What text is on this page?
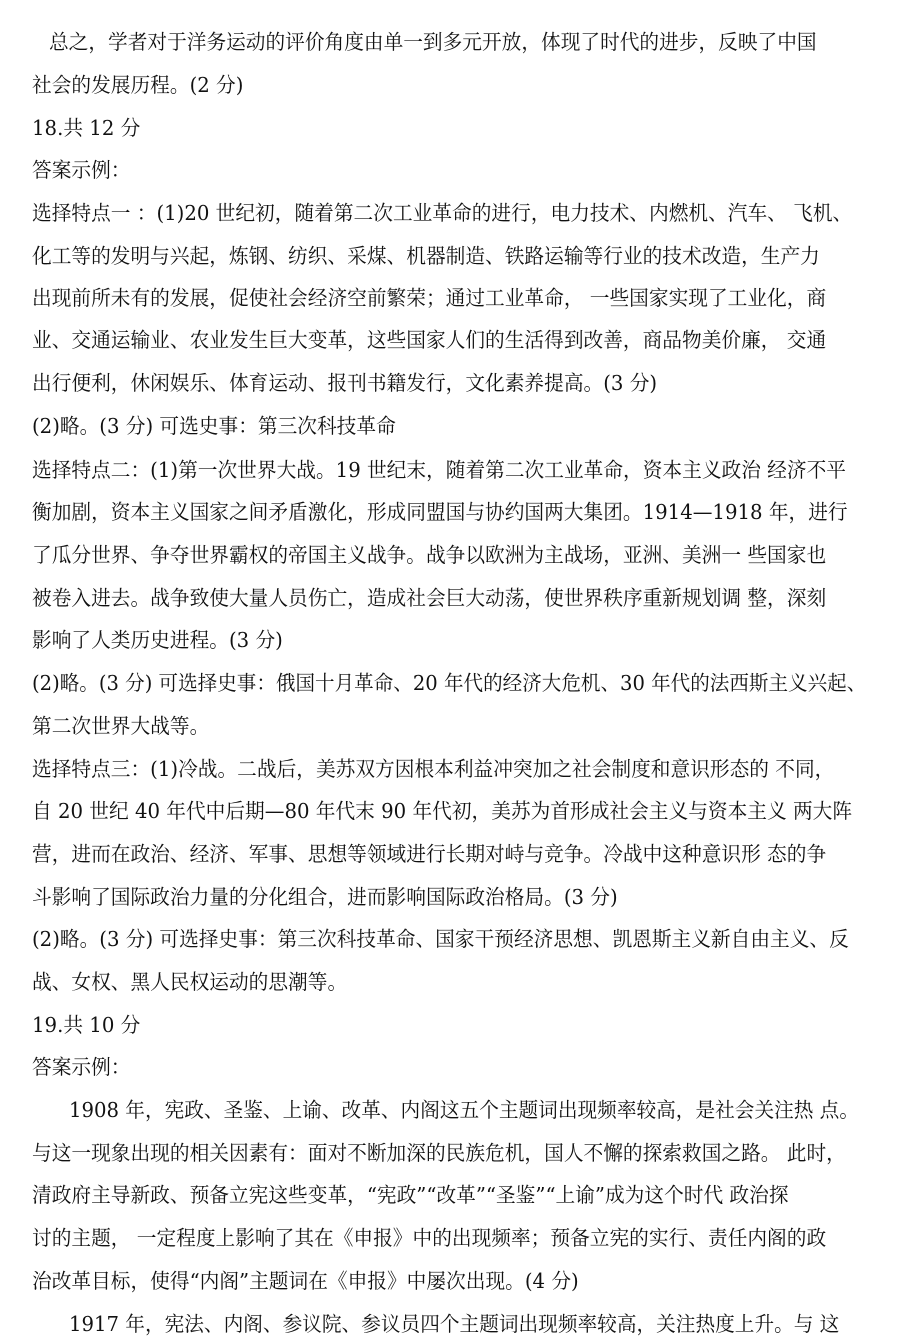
总之，学者对于洋务运动的评价角度由单一到多元开放，体现了时代的进步，反映了中国
社会的发展历程。(2 分)
18.共 12 分
答案示例：
选择特点一 ：(1)20 世纪初，随着第二次工业革命的进行，电力技术、内燃机、汽车、 飞机、
化工等的发明与兴起，炼钢、纺织、采煤、机器制造、铁路运输等行业的技术改造，生产力
出现前所未有的发展，促使社会经济空前繁荣；通过工业革命， 一些国家实现了工业化，商
业、交通运输业、农业发生巨大变革，这些国家人们的生活得到改善，商品物美价廉， 交通
出行便利，休闲娱乐、体育运动、报刊书籍发行，文化素养提高。(3 分)
(2)略。(3 分) 可选史事：第三次科技革命
选择特点二：(1)第一次世界大战。19 世纪末，随着第二次工业革命，资本主义政治 经济不平
衡加剧，资本主义国家之间矛盾激化，形成同盟国与协约国两大集团。1914—1918 年，进行
了瓜分世界、争夺世界霸权的帝国主义战争。战争以欧洲为主战场，亚洲、美洲一 些国家也
被卷入进去。战争致使大量人员伤亡，造成社会巨大动荡，使世界秩序重新规划调 整，深刻
影响了人类历史进程。(3 分)
(2)略。(3 分) 可选择史事：俄国十月革命、20 年代的经济大危机、30 年代的法西斯主义兴起、
第二次世界大战等。
选择特点三：(1)冷战。二战后，美苏双方因根本利益冲突加之社会制度和意识形态的 不同，
自 20 世纪 40 年代中后期—80 年代末 90 年代初，美苏为首形成社会主义与资本主义 两大阵
营，进而在政治、经济、军事、思想等领域进行长期对峙与竞争。冷战中这种意识形 态的争
斗影响了国际政治力量的分化组合，进而影响国际政治格局。(3 分)
(2)略。(3 分) 可选择史事：第三次科技革命、国家干预经济思想、凯恩斯主义新自由主义、反
战、女权、黑人民权运动的思潮等。
19.共 10 分
答案示例：
1908 年，宪政、圣鉴、上谕、改革、内阁这五个主题词出现频率较高，是社会关注热 点。
与这一现象出现的相关因素有：面对不断加深的民族危机，国人不懈的探索救国之路。 此时，
清政府主导新政、预备立宪这些变革，“宪政”“改革”“圣鉴”“上谕”成为这个时代 政治探
讨的主题， 一定程度上影响了其在《申报》中的出现频率；预备立宪的实行、责任内阁的政
治改革目标，使得“内阁”主题词在《申报》中屡次出现。(4 分)
1917 年，宪法、内阁、参议院、参议员四个主题词出现频率较高，关注热度上升。与 这
